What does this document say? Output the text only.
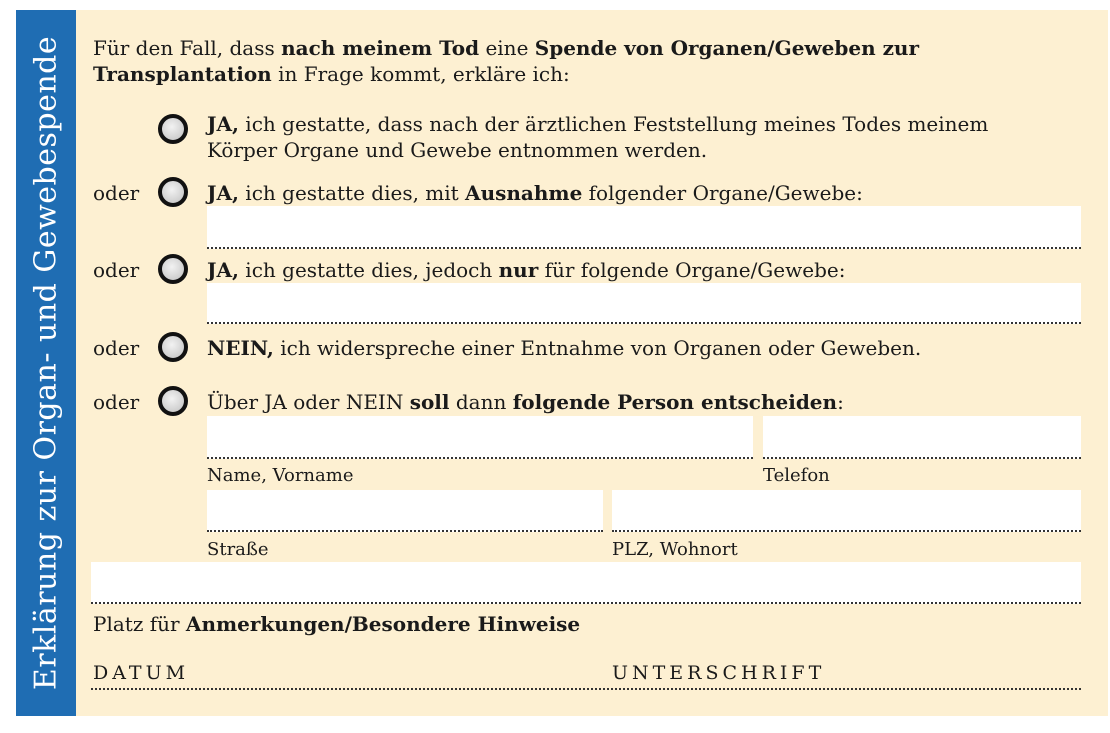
Erklärung zur Organ- und Gewebespende Für den Fall, dass nach meinem Tod eine Spende von Organen/Geweben zur
Transplantation in Frage kommt, erkläre ich:
JA, ich gestatte, dass nach der ärztlichen Feststellung meines Todes meinem
Körper Organe und Gewebe entnommen werden.
oder	JA, ich gestatte dies, mit Ausnahme folgender Organe/Gewebe:
oder	JA, ich gestatte dies, jedoch nur für folgende Organe/Gewebe:
oder	NEIN, ich widerspreche einer Entnahme von Organen oder Geweben.
oder	Über JA oder NEIN soll dann folgende Person entscheiden:
Name, Vorname	Telefon
Straße	PLZ, Wohnort
Platz für Anmerkungen/Besondere Hinweise
DATUM	UNTERSCHRIFT
